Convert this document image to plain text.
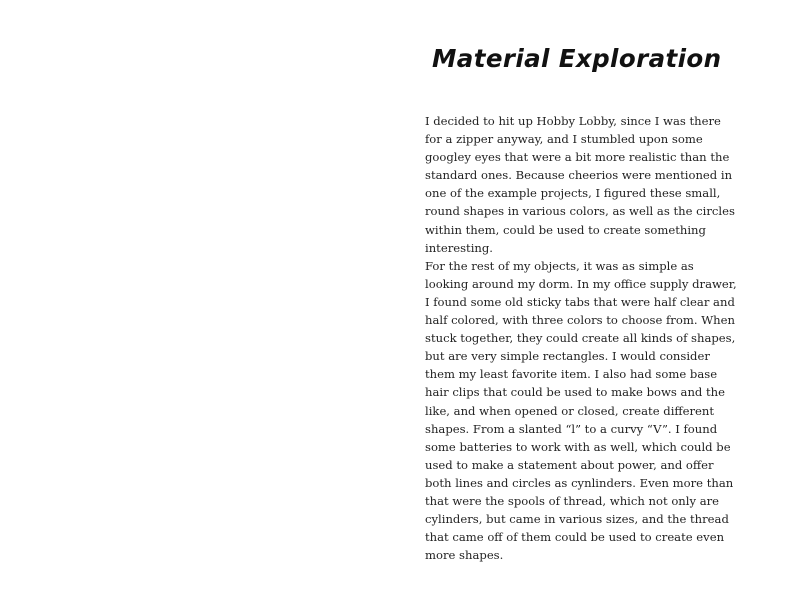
Material Exploration
I decided to hit up Hobby Lobby, since I was there
for a zipper anyway, and I stumbled upon some
googley eyes that were a bit more realistic than the
standard ones. Because cheerios were mentioned in
one of the example projects, I figured these small,
round shapes in various colors, as well as the circles
within them, could be used to create something
interesting.
For the rest of my objects, it was as simple as
looking around my dorm. In my office supply drawer,
I found some old sticky tabs that were half clear and
half colored, with three colors to choose from. When
stuck together, they could create all kinds of shapes,
but are very simple rectangles. I would consider
them my least favorite item. I also had some base
hair clips that could be used to make bows and the
like, and when opened or closed, create different
shapes. From a slanted “l” to a curvy “V”. I found
some batteries to work with as well, which could be
used to make a statement about power, and offer
both lines and circles as cynlinders. Even more than
that were the spools of thread, which not only are
cylinders, but came in various sizes, and the thread
that came off of them could be used to create even
more shapes.
